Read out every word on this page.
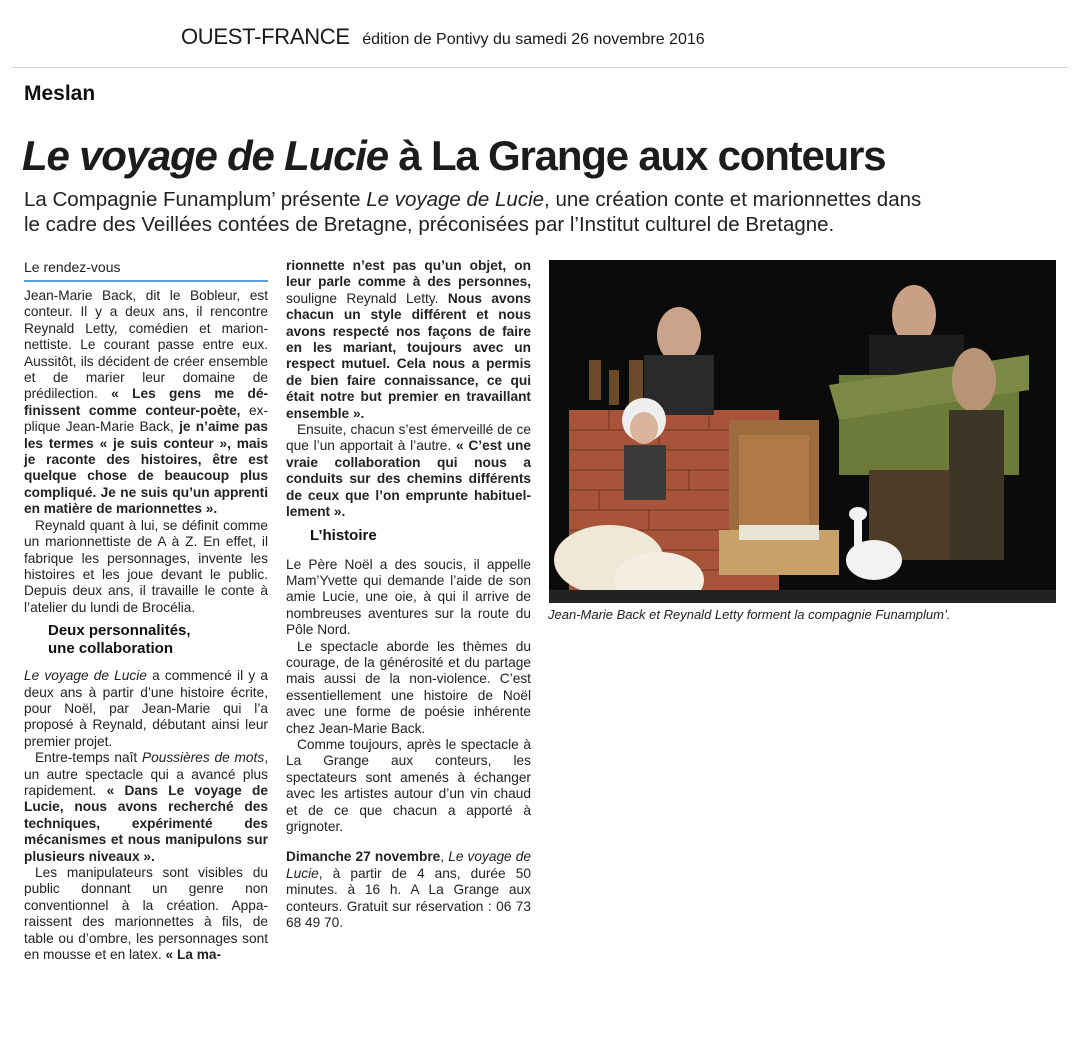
OUEST-FRANCE édition de Pontivy du samedi 26 novembre 2016
Meslan
Le voyage de Lucie à La Grange aux conteurs
La Compagnie Funamplum’ présente Le voyage de Lucie, une création conte et marionnettes dans le cadre des Veillées contées de Bretagne, préconisées par l’Institut culturel de Bretagne.
Le rendez-vous

Jean-Marie Back, dit le Bobleur, est conteur. Il y a deux ans, il rencontre Reynald Letty, comédien et marionnettiste. Le courant passe entre eux. Aussitôt, ils décident de créer ensemble et de marier leur domaine de prédilection. « Les gens me définissent comme conteur-poète, explique Jean-Marie Back, je n’aime pas les termes « je suis conteur », mais je raconte des histoires, être est quelque chose de beaucoup plus compliqué. Je ne suis qu’un apprenti en matière de marionnettes ».

Reynald quant à lui, se définit comme un marionnettiste de A à Z. En effet, il fabrique les personnages, invente les histoires et les joue devant le public. Depuis deux ans, il travaille le conte à l’atelier du lundi de Brocélia.

Deux personnalités,
une collaboration

Le voyage de Lucie a commencé il y a deux ans à partir d’une histoire écrite, pour Noël, par Jean-Marie qui l’a proposé à Reynald, débutant ainsi leur premier projet.

Entre-temps naît Poussières de mots, un autre spectacle qui a avancé plus rapidement. « Dans Le voyage de Lucie, nous avons recherché des techniques, expérimenté des mécanismes et nous manipulons sur plusieurs niveaux ».

Les manipulateurs sont visibles du public donnant un genre non conventionnel à la création. Apparaissent des marionnettes à fils, de table ou d’ombre, les personnages sont en mousse et en latex. « La ma-

rionnette n’est pas qu’un objet, on leur parle comme à des personnes, souligne Reynald Letty. Nous avons chacun un style différent et nous avons respecté nos façons de faire en les mariant, toujours avec un respect mutuel. Cela nous a permis de bien faire connaissance, ce qui était notre but premier en travaillant ensemble ».

Ensuite, chacun s’est émerveillé de ce que l’un apportait à l’autre. « C’est une vraie collaboration qui nous a conduits sur des chemins différents de ceux que l’on emprunte habituellement ».

L’histoire

Le Père Noël a des soucis, il appelle Mam’Yvette qui demande l’aide de son amie Lucie, une oie, à qui il arrive de nombreuses aventures sur la route du Pôle Nord.

Le spectacle aborde les thèmes du courage, de la générosité et du partage mais aussi de la non-violence. C’est essentiellement une histoire de Noël avec une forme de poésie inhérente chez Jean-Marie Back.

Comme toujours, après le spectacle à La Grange aux conteurs, les spectateurs sont amenés à échanger avec les artistes autour d’un vin chaud et de ce que chacun a apporté à grignoter.

Dimanche 27 novembre, Le voyage de Lucie, à partir de 4 ans, durée 50 minutes. à 16 h. A La Grange aux conteurs. Gratuit sur réservation : 06 73 68 49 70.

Jean-Marie Back et Reynald Letty forment la compagnie Funamplum’.
